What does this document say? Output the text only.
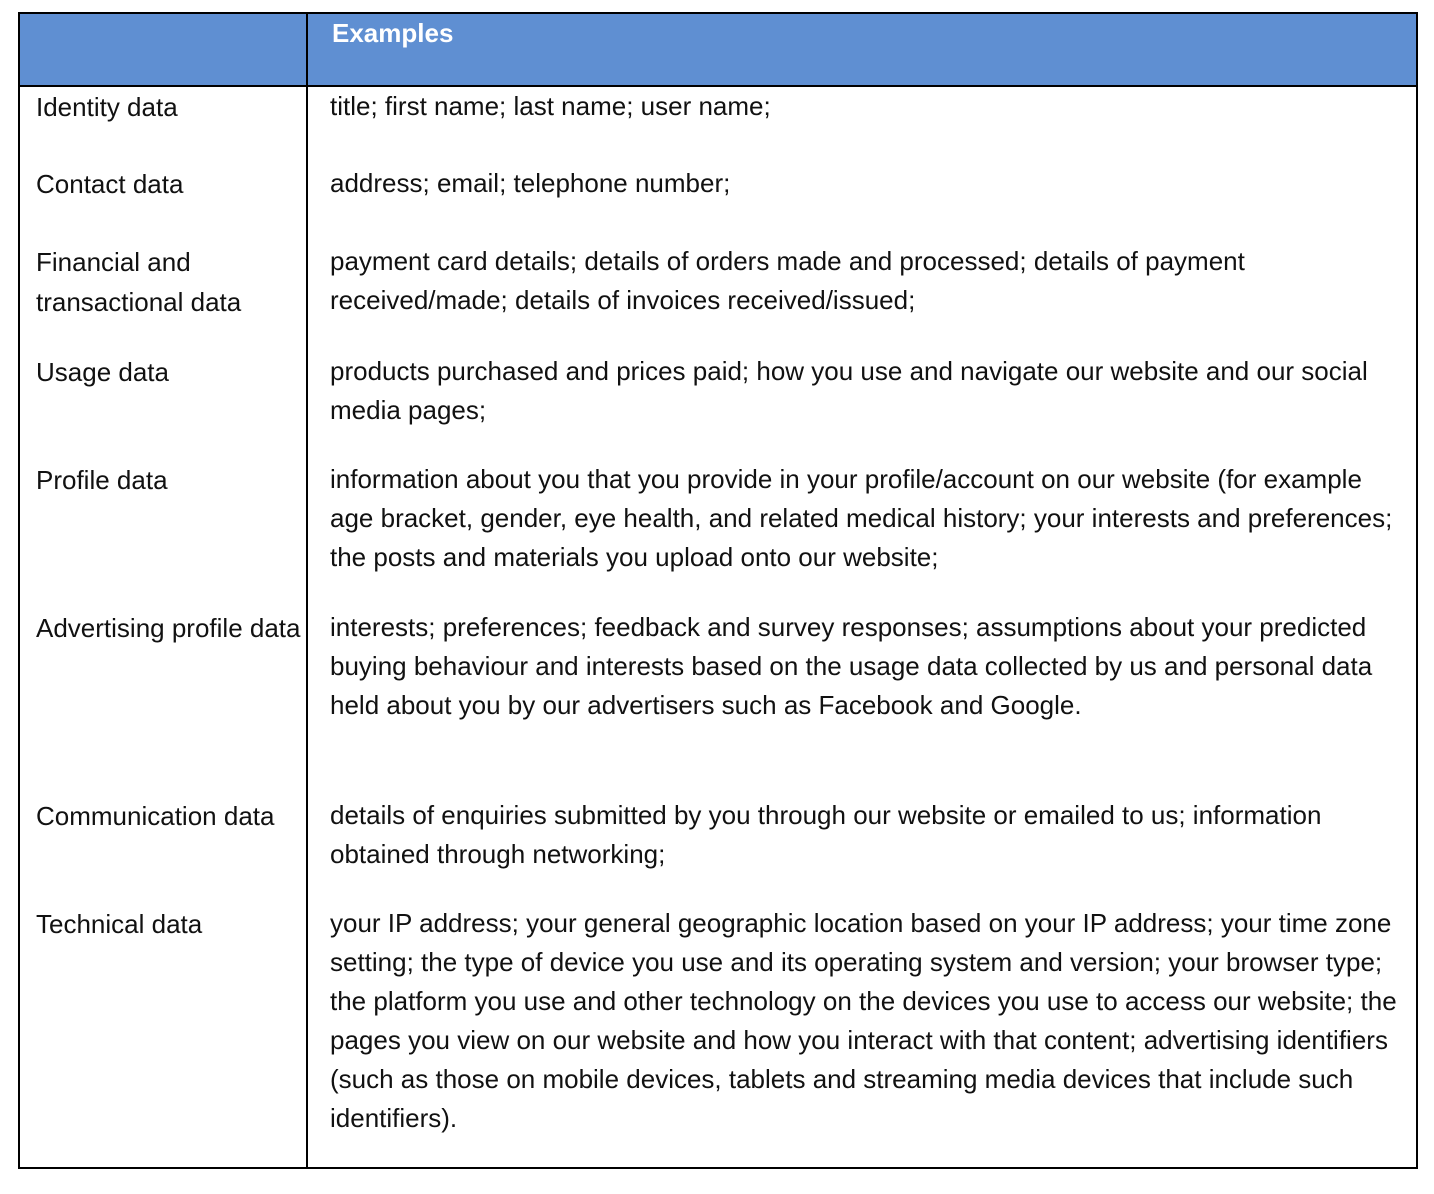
	Examples

Identity data	title; first name; last name; user name;

Contact data	address; email; telephone number;

Financial and transactional data	payment card details; details of orders made and processed; details of payment received/made; details of invoices received/issued;

Usage data	products purchased and prices paid; how you use and navigate our website and our social media pages;

Profile data	information about you that you provide in your profile/account on our website (for example age bracket, gender, eye health, and related medical history; your interests and preferences; the posts and materials you upload onto our website;

Advertising profile data	interests; preferences; feedback and survey responses; assumptions about your predicted buying behaviour and interests based on the usage data collected by us and personal data held about you by our advertisers such as Facebook and Google.

Communication data	details of enquiries submitted by you through our website or emailed to us; information obtained through networking;

Technical data	your IP address; your general geographic location based on your IP address; your time zone setting; the type of device you use and its operating system and version; your browser type; the platform you use and other technology on the devices you use to access our website; the pages you view on our website and how you interact with that content; advertising identifiers (such as those on mobile devices, tablets and streaming media devices that include such identifiers).
